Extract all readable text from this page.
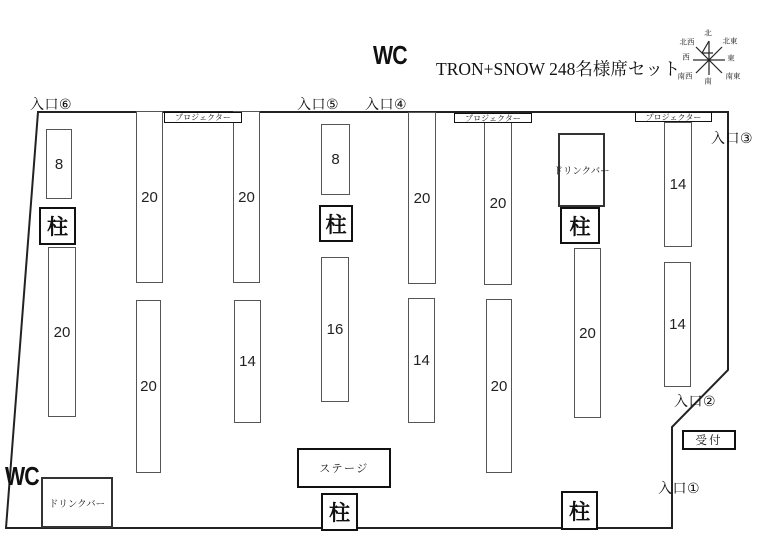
WC TRON+SNOW 248名様席セット
WC	ステージ
受付
8
20
20
20
20
14
8
16
20
14
20
20
20
14
14
柱	柱	柱
柱	柱
プロジェクター	プロジェクター	プロジェクター
入口⑥	入口⑤ 入口④
入口③
入口②
入口①
ドリンクバー
ドリンクバー
北
北東
東
南東
南
南西
西
北西
